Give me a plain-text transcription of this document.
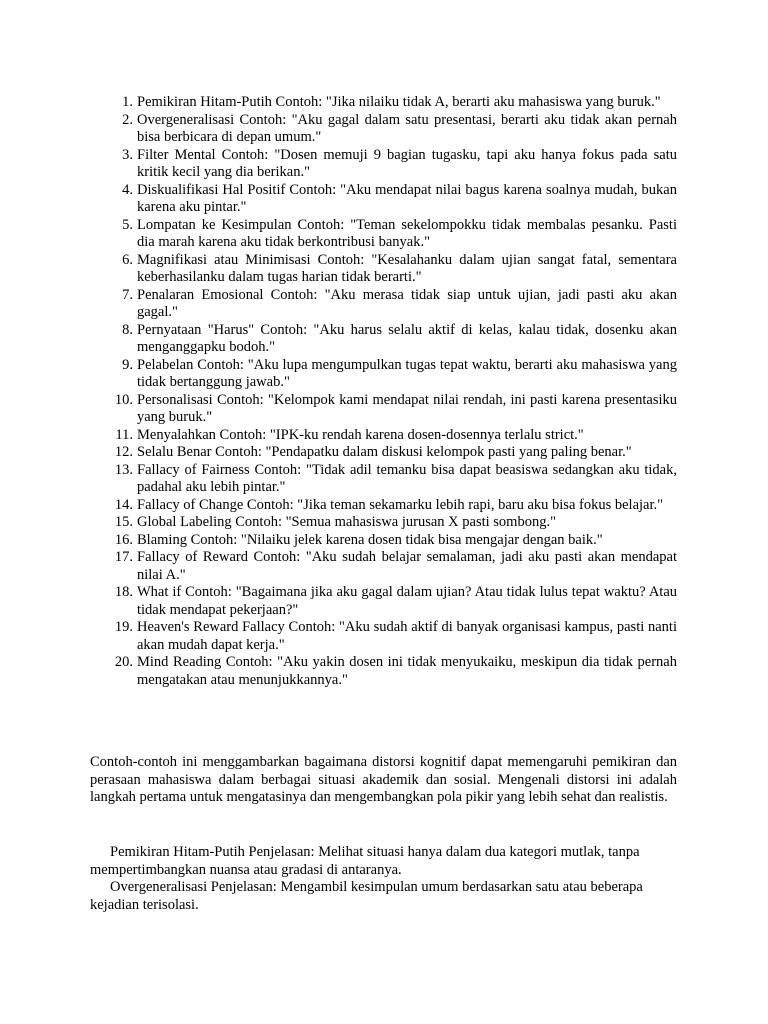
1. Pemikiran Hitam-Putih Contoh: "Jika nilaiku tidak A, berarti aku mahasiswa yang buruk."
2. Overgeneralisasi Contoh: "Aku gagal dalam satu presentasi, berarti aku tidak akan pernah bisa berbicara di depan umum."
3. Filter Mental Contoh: "Dosen memuji 9 bagian tugasku, tapi aku hanya fokus pada satu kritik kecil yang dia berikan."
4. Diskualifikasi Hal Positif Contoh: "Aku mendapat nilai bagus karena soalnya mudah, bukan karena aku pintar."
5. Lompatan ke Kesimpulan Contoh: "Teman sekelompokku tidak membalas pesanku. Pasti dia marah karena aku tidak berkontribusi banyak."
6. Magnifikasi atau Minimisasi Contoh: "Kesalahanku dalam ujian sangat fatal, sementara keberhasilanku dalam tugas harian tidak berarti."
7. Penalaran Emosional Contoh: "Aku merasa tidak siap untuk ujian, jadi pasti aku akan gagal."
8. Pernyataan "Harus" Contoh: "Aku harus selalu aktif di kelas, kalau tidak, dosenku akan menganggapku bodoh."
9. Pelabelan Contoh: "Aku lupa mengumpulkan tugas tepat waktu, berarti aku mahasiswa yang tidak bertanggung jawab."
10. Personalisasi Contoh: "Kelompok kami mendapat nilai rendah, ini pasti karena presentasiku yang buruk."
11. Menyalahkan Contoh: "IPK-ku rendah karena dosen-dosennya terlalu strict."
12. Selalu Benar Contoh: "Pendapatku dalam diskusi kelompok pasti yang paling benar."
13. Fallacy of Fairness Contoh: "Tidak adil temanku bisa dapat beasiswa sedangkan aku tidak, padahal aku lebih pintar."
14. Fallacy of Change Contoh: "Jika teman sekamarku lebih rapi, baru aku bisa fokus belajar."
15. Global Labeling Contoh: "Semua mahasiswa jurusan X pasti sombong."
16. Blaming Contoh: "Nilaiku jelek karena dosen tidak bisa mengajar dengan baik."
17. Fallacy of Reward Contoh: "Aku sudah belajar semalaman, jadi aku pasti akan mendapat nilai A."
18. What if Contoh: "Bagaimana jika aku gagal dalam ujian? Atau tidak lulus tepat waktu? Atau tidak mendapat pekerjaan?"
19. Heaven's Reward Fallacy Contoh: "Aku sudah aktif di banyak organisasi kampus, pasti nanti akan mudah dapat kerja."
20. Mind Reading Contoh: "Aku yakin dosen ini tidak menyukaiku, meskipun dia tidak pernah mengatakan atau menunjukkannya."

Contoh-contoh ini menggambarkan bagaimana distorsi kognitif dapat memengaruhi pemikiran dan perasaan mahasiswa dalam berbagai situasi akademik dan sosial. Mengenali distorsi ini adalah langkah pertama untuk mengatasinya dan mengembangkan pola pikir yang lebih sehat dan realistis.

Pemikiran Hitam-Putih Penjelasan: Melihat situasi hanya dalam dua kategori mutlak, tanpa mempertimbangkan nuansa atau gradasi di antaranya.

Overgeneralisasi Penjelasan: Mengambil kesimpulan umum berdasarkan satu atau beberapa kejadian terisolasi.
